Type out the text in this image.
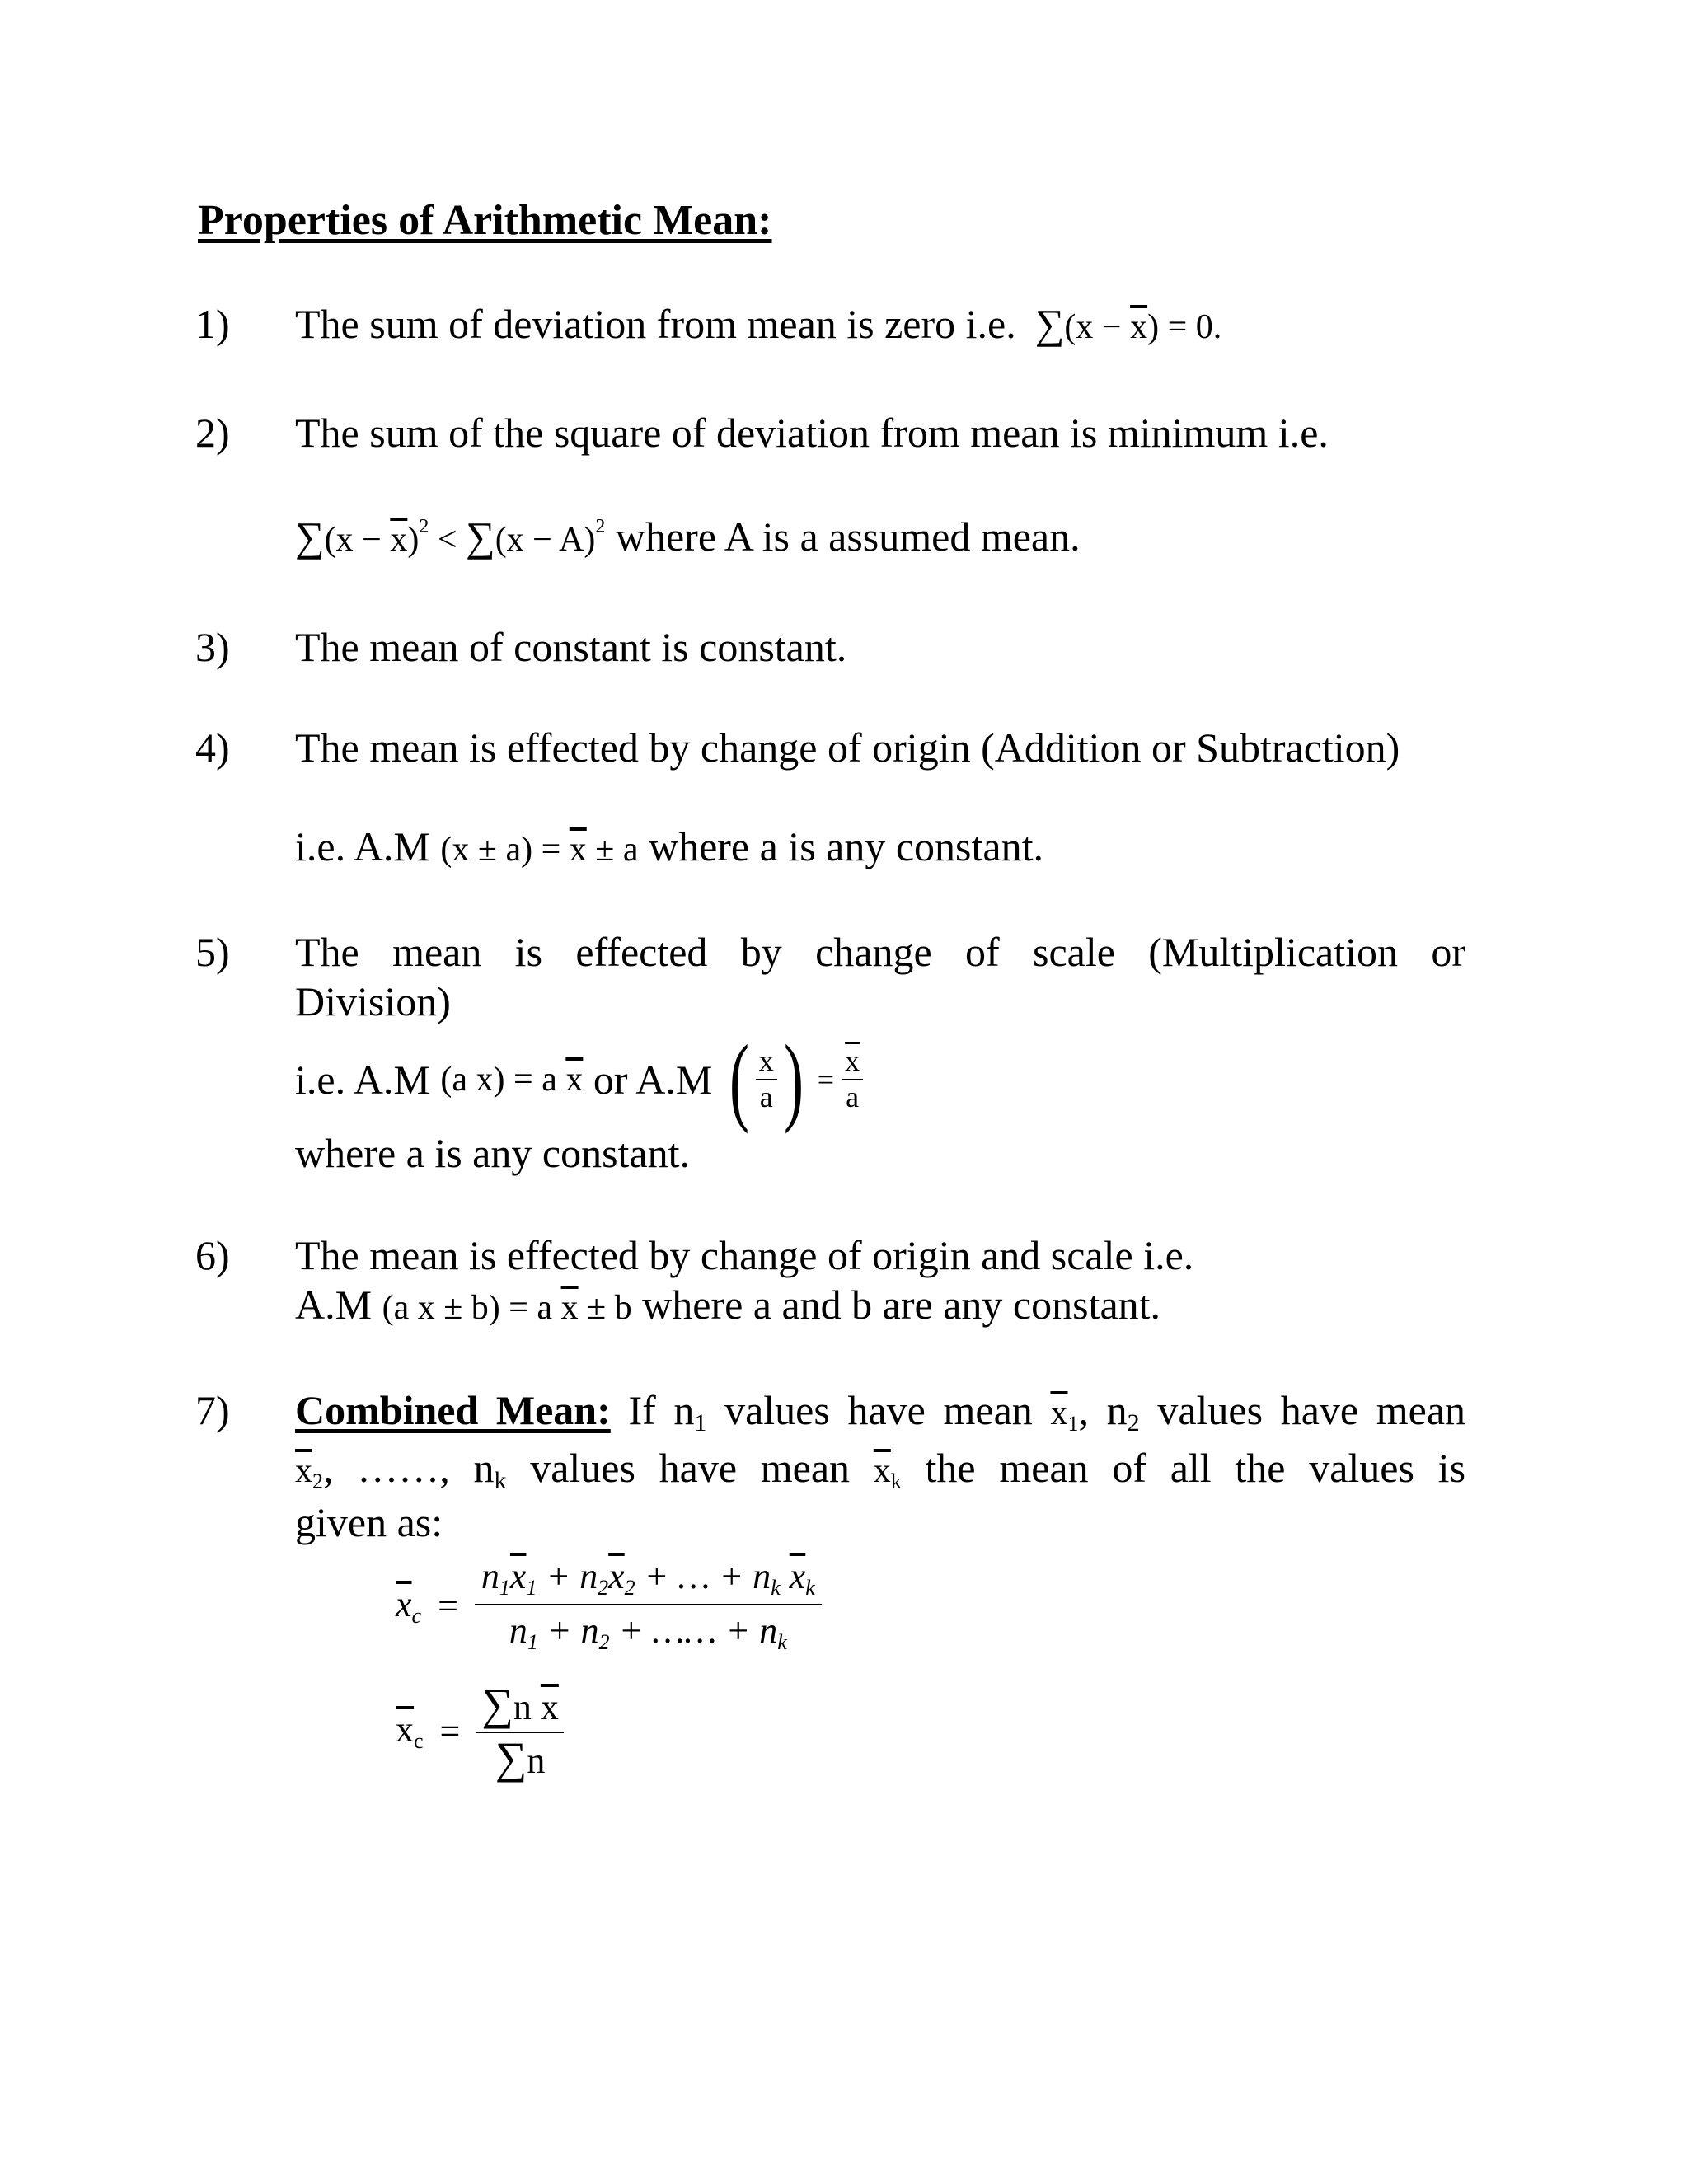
Properties of Arithmetic Mean:
1) The sum of deviation from mean is zero i.e. $\sum(x - \overline{x}) = 0$.
2) The sum of the square of deviation from mean is minimum i.e.
$\sum(x - \overline{x})^2 < \sum(x - A)^2$ where A is a assumed mean.
3) The mean of constant is constant.
4) The mean is effected by change of origin (Addition or Subtraction)
i.e. A.M $(x \pm a) = \overline{x} \pm a$ where a is any constant.
5) The mean is effected by change of scale (Multiplication or
Division)
i.e. A.M
(a x) = a $\overline{x}$
or A.M
( $\frac{x}{a}$ ) = $\frac{\overline{x}}{a}$
where a is any constant.
6) The mean is effected by change of origin and scale i.e.
A.M (a x ± b) = a $\overline{x} \pm b$ where a and b are any constant.
7) Combined Mean: If $n_1$ values have mean $\overline{x}_1$, $n_2$ values have mean
$\overline{x}_2$, ……, $n_k$ values have mean $\overline{x}_k$ the mean of all the values is
given as:
$\overline{x}_c = \frac{n_1\overline{x}_1 + n_2\overline{x}_2 + \dots + n_k \overline{x}_k}{n_1 + n_2 + \dots\dots + n_k}$
$\overline{x}_c = \frac{\sum n \overline{x}}{\sum n}$
